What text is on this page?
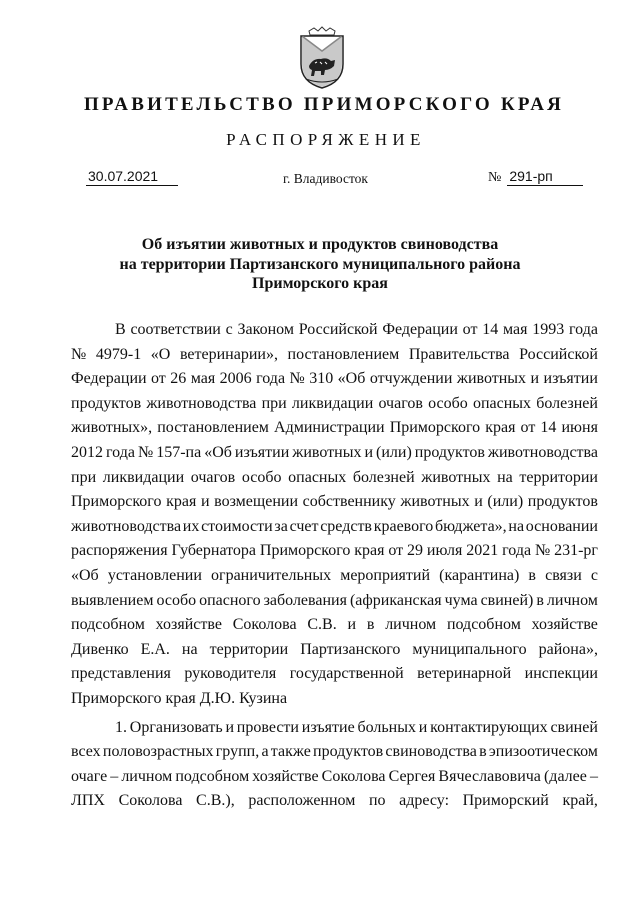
ПРАВИТЕЛЬСТВО ПРИМОРСКОГО КРАЯ
РАСПОРЯЖЕНИЕ
30.07.2021	г. Владивосток	№ 291-рп
Об изъятии животных и продуктов свиноводства
на территории Партизанского муниципального района
Приморского края
В соответствии с Законом Российской Федерации от 14 мая 1993 года
№ 4979-1 «О ветеринарии», постановлением Правительства Российской
Федерации от 26 мая 2006 года № 310 «Об отчуждении животных и изъятии
продуктов животноводства при ликвидации очагов особо опасных болезней
животных», постановлением Администрации Приморского края от 14 июня
2012 года № 157-па «Об изъятии животных и (или) продуктов животноводства
при ликвидации очагов особо опасных болезней животных на территории
Приморского края и возмещении собственнику животных и (или) продуктов
животноводства их стоимости за счет средств краевого бюджета», на основании
распоряжения Губернатора Приморского края от 29 июля 2021 года № 231-рг
«Об установлении ограничительных мероприятий (карантина) в связи с
выявлением особо опасного заболевания (африканская чума свиней) в личном
подсобном хозяйстве Соколова С.В. и в личном подсобном хозяйстве
Дивенко Е.А. на территории Партизанского муниципального района»,
представления руководителя государственной ветеринарной инспекции
Приморского края Д.Ю. Кузина
1. Организовать и провести изъятие больных и контактирующих свиней
всех половозрастных групп, а также продуктов свиноводства в эпизоотическом
очаге – личном подсобном хозяйстве Соколова Сергея Вячеславовича (далее –
ЛПХ Соколова С.В.), расположенном по адресу: Приморский край,
